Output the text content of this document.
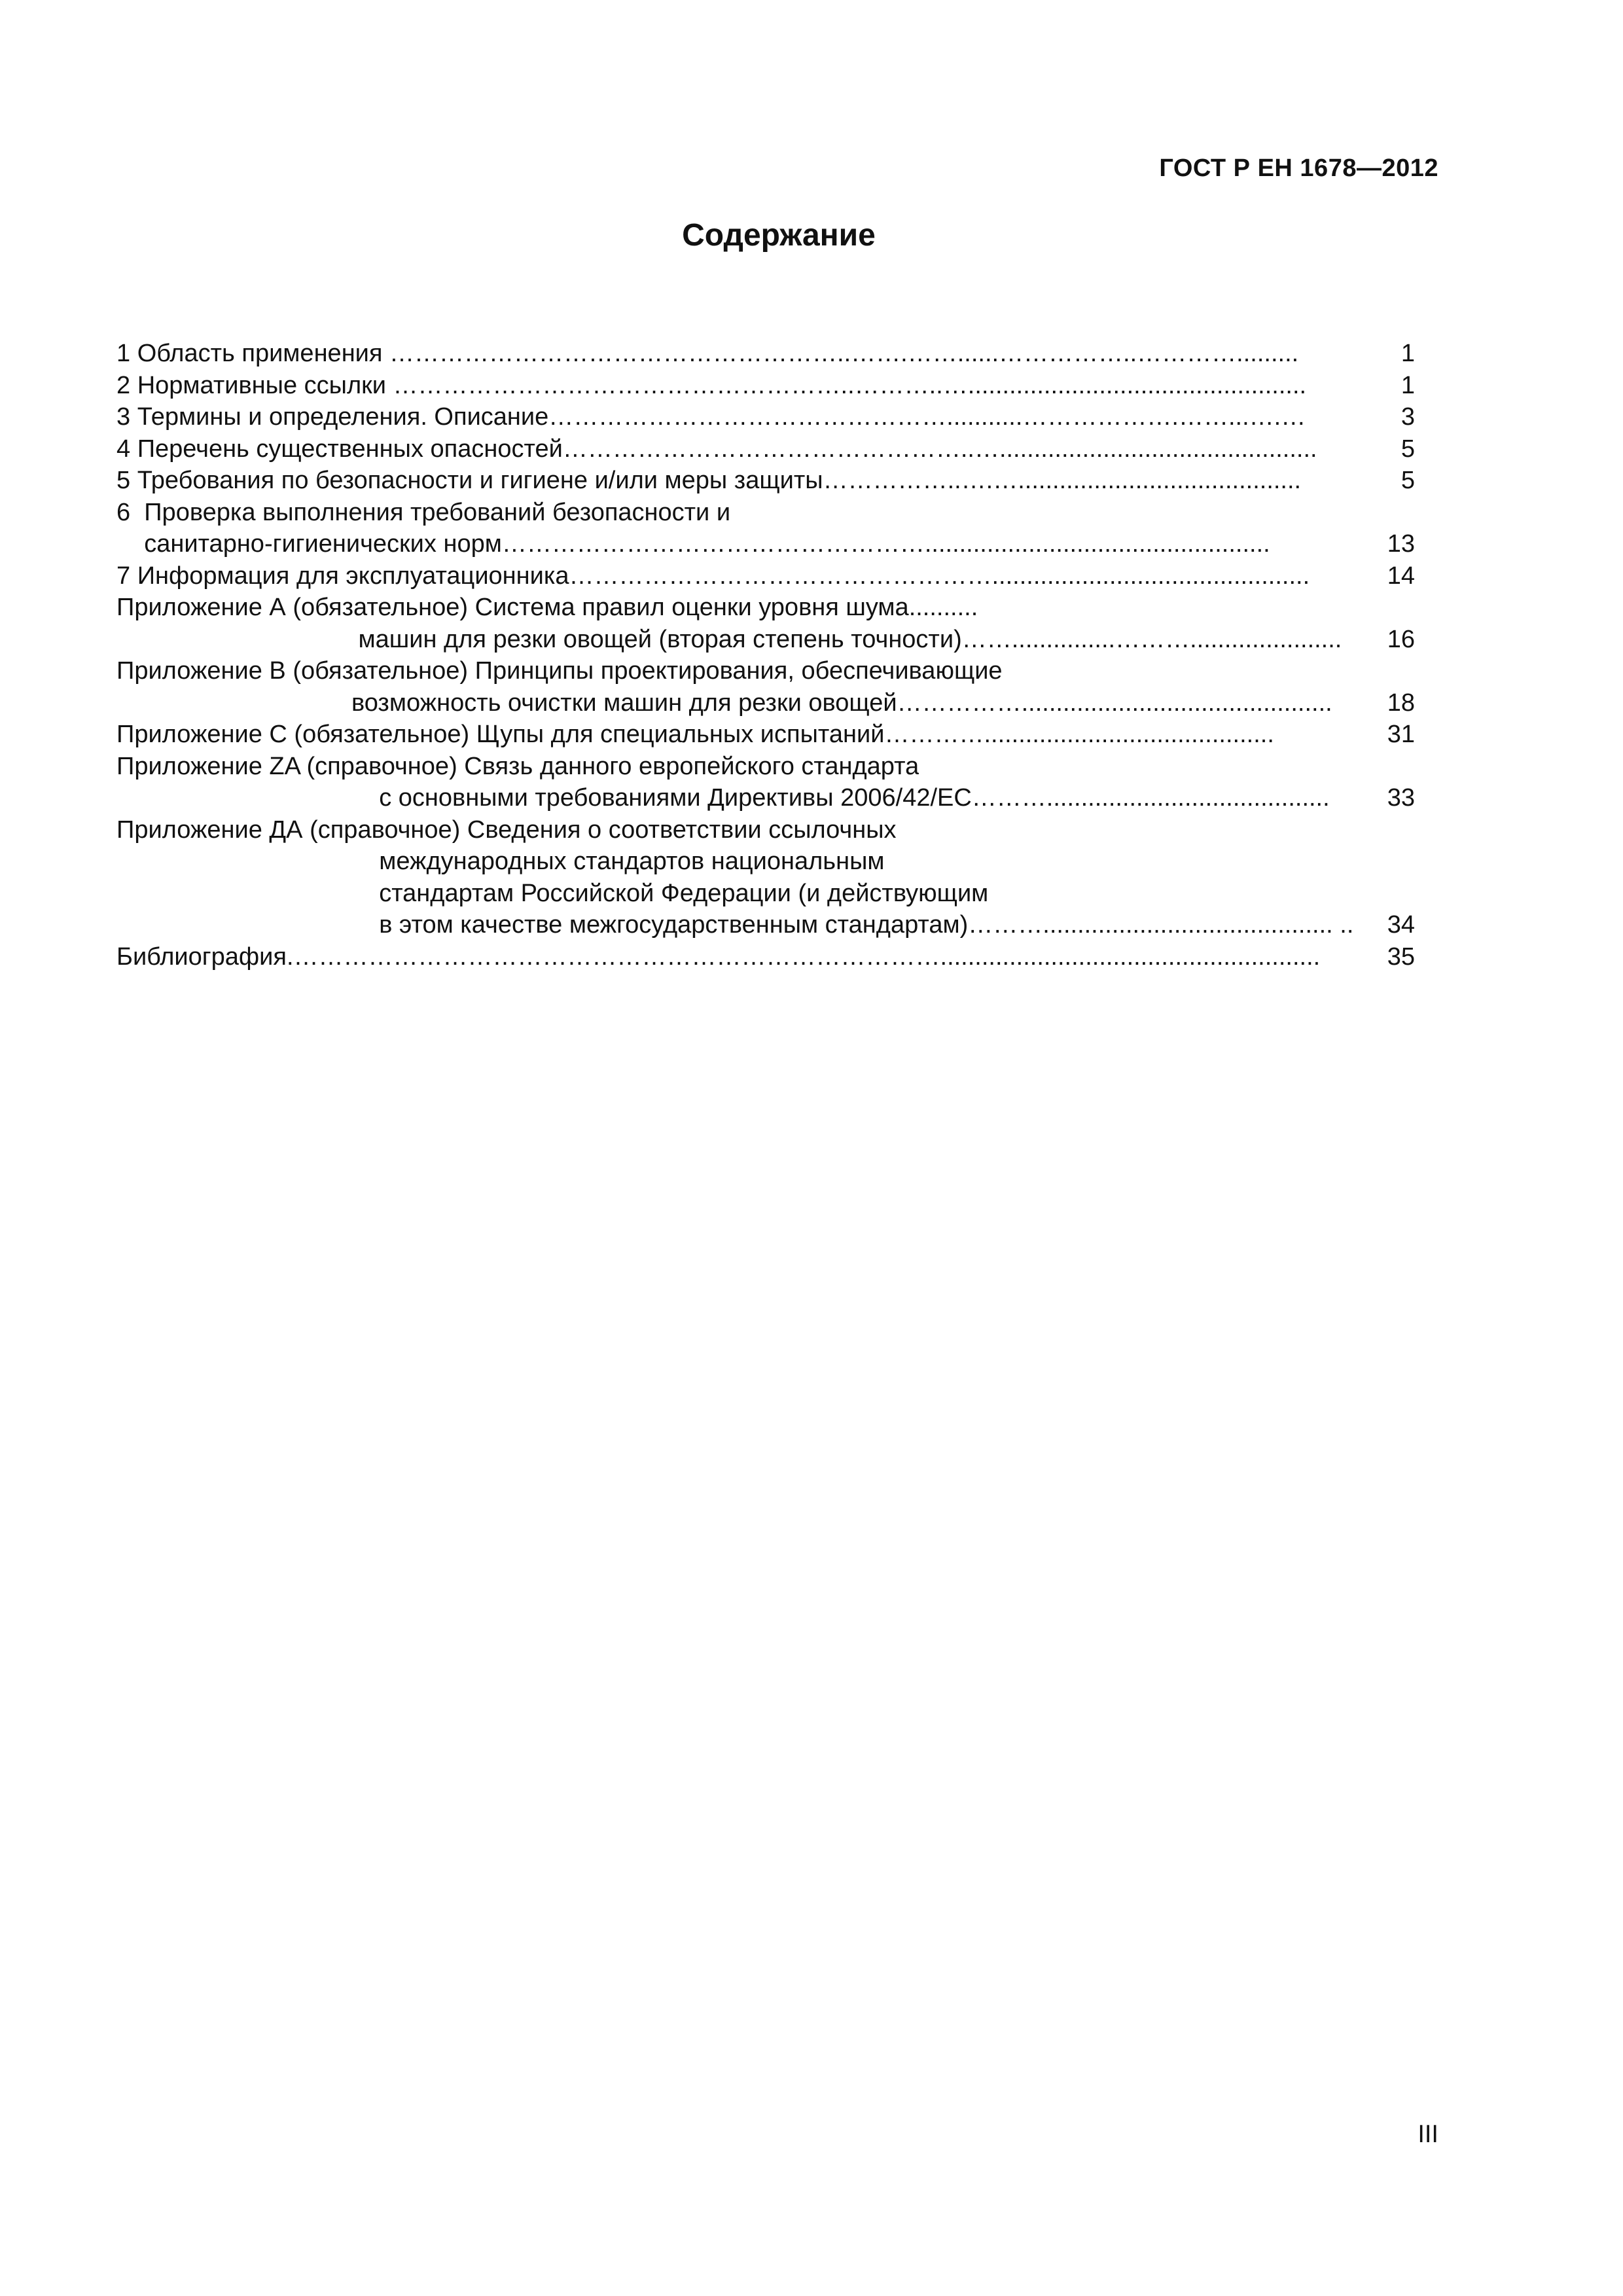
ГОСТ Р ЕН 1678—2012
Содержание
1 Область применения ………………………………………………..…….……......……………..………….........	1
2 Нормативные ссылки ………………………………………………..………..….................................................	1
3 Термины и определения. Описание…………………………………………...........……………….……...….…	3
4 Перечень существенных опасностей…………………………………………..…..............................................	5
5 Требования по безопасности и гигиене и/или меры защиты……………..….….........................................	5
6  Проверка выполнения требований безопасности и
санитарно-гигиенических норм……………………………………………..................................................	13
7 Информация для эксплуатационника……………………………………………..............................................	14
Приложение А (обязательное) Система правил оценки уровня шума..........
машин для резки овощей (вторая степень точности)……...............………...................... 16
Приложение В (обязательное) Принципы проектирования, обеспечивающие
возможность очистки машин для резки овощей……………............................................. 18
Приложение С (обязательное) Щупы для специальных испытаний…………..........................................	31
Приложение ZA (справочное) Связь данного европейского стандарта
с основными требованиями Директивы 2006/42/ЕС………......................................... 33
Приложение ДА (справочное) Сведения о соответствии ссылочных
международных стандартов национальным
стандартам Российской Федерации (и действующим
в этом качестве межгосударственным стандартам)……….......................................... .. 34
Библиография.…………………………………………………………………….......................................................	35
III
